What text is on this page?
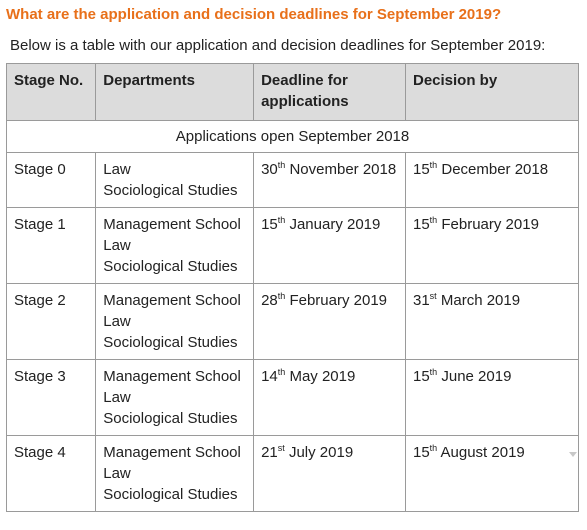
What are the application and decision deadlines for September 2019?
Below is a table with our application and decision deadlines for September 2019:
Stage No.	Departments	Deadline for
applications	Decision by
Applications open September 2018			
Stage 0	Law
Sociological Studies	30th November 2018	15th December 2018
Stage 1	Management School
Law
Sociological Studies	15th January 2019	15th February 2019
Stage 2	Management School
Law
Sociological Studies	28th February 2019	31st March 2019
Stage 3	Management School
Law
Sociological Studies	14th May 2019	15th June 2019
Stage 4	Management School
Law
Sociological Studies	21st July 2019	15th August 2019
